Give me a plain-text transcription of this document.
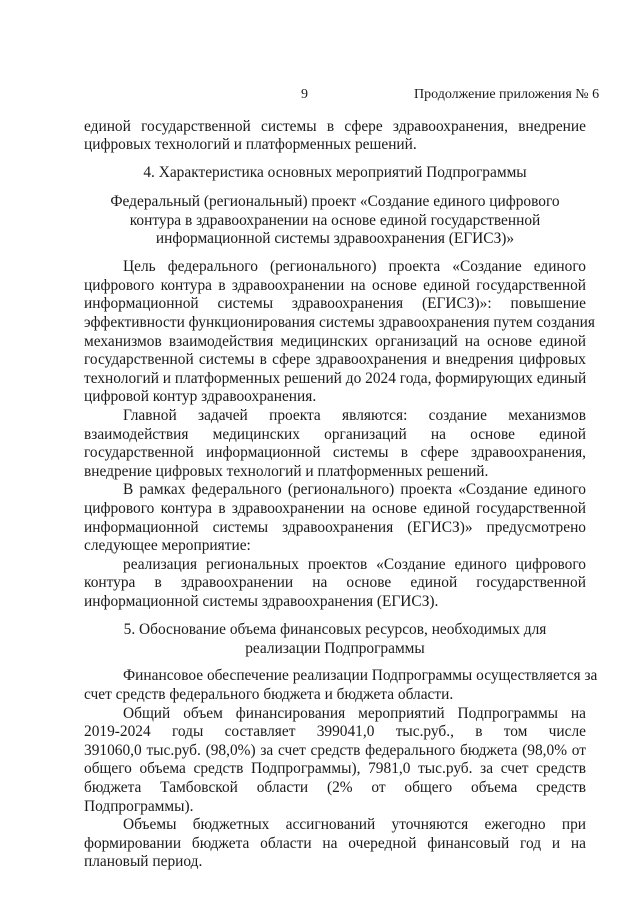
9	Продолжение приложения № 6
единой государственной системы в сфере здравоохранения, внедрение
цифровых технологий и платформенных решений.
4. Характеристика основных мероприятий Подпрограммы
Федеральный (региональный) проект «Создание единого цифрового
контура в здравоохранении на основе единой государственной
информационной системы здравоохранения (ЕГИСЗ)»
Цель федерального (регионального) проекта «Создание единого
цифрового контура в здравоохранении на основе единой государственной
информационной системы здравоохранения (ЕГИСЗ)»: повышение
эффективности функционирования системы здравоохранения путем создания
механизмов взаимодействия медицинских организаций на основе единой
государственной системы в сфере здравоохранения и внедрения цифровых
технологий и платформенных решений до 2024 года, формирующих единый
цифровой контур здравоохранения.
Главной задачей проекта являются: создание механизмов
взаимодействия медицинских организаций на основе единой
государственной информационной системы в сфере здравоохранения,
внедрение цифровых технологий и платформенных решений.
В рамках федерального (регионального) проекта «Создание единого
цифрового контура в здравоохранении на основе единой государственной
информационной системы здравоохранения (ЕГИСЗ)» предусмотрено
следующее мероприятие:
реализация региональных проектов «Создание единого цифрового
контура в здравоохранении на основе единой государственной
информационной системы здравоохранения (ЕГИСЗ).
5. Обоснование объема финансовых ресурсов, необходимых для
реализации Подпрограммы
Финансовое обеспечение реализации Подпрограммы осуществляется за
счет средств федерального бюджета и бюджета области.
Общий объем финансирования мероприятий Подпрограммы на
2019-2024 годы составляет 399041,0 тыс.руб., в том числе
391060,0 тыс.руб. (98,0%) за счет средств федерального бюджета (98,0% от
общего объема средств Подпрограммы), 7981,0 тыс.руб. за счет средств
бюджета Тамбовской области (2% от общего объема средств
Подпрограммы).
Объемы бюджетных ассигнований уточняются ежегодно при
формировании бюджета области на очередной финансовый год и на
плановый период.
